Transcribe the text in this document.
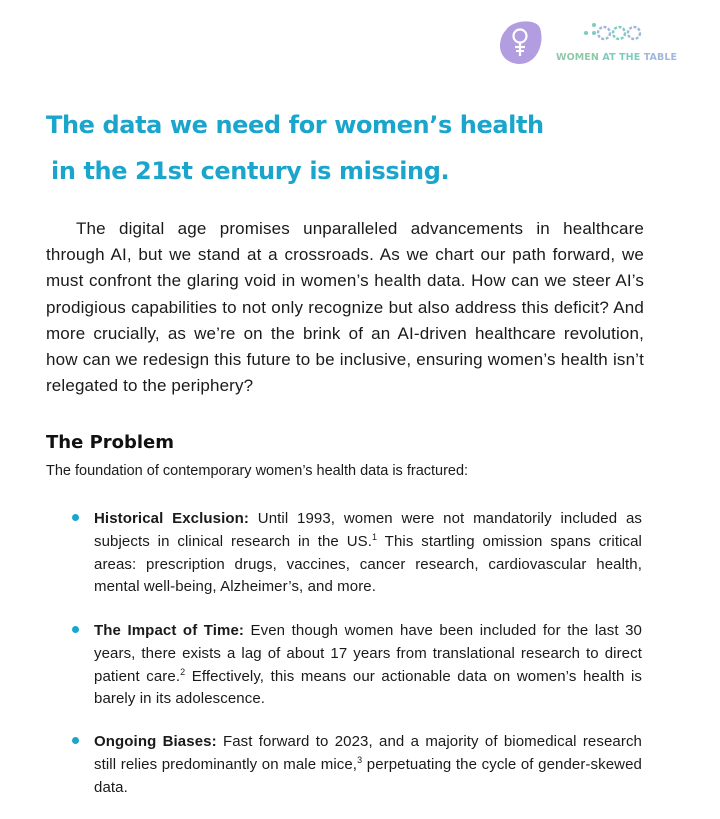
WOMEN AT THE TABLE
The data we need for women’s health
in the 21st century is missing.

The digital age promises unparalleled advancements in healthcare through AI, but we stand at a crossroads. As we chart our path forward, we must confront the glaring void in women’s health data. How can we steer AI’s prodigious capabilities to not only recognize but also address this deficit? And more crucially, as we’re on the brink of an AI-driven healthcare revolution, how can we redesign this future to be inclusive, ensuring women’s health isn’t relegated to the periphery?

The Problem

The foundation of contemporary women’s health data is fractured:

Historical Exclusion: Until 1993, women were not mandatorily included as subjects in clinical research in the US.$^1$ This startling omission spans critical areas: prescription drugs, vaccines, cancer research, cardiovascular health, mental well-being, Alzheimer’s, and more.

The Impact of Time: Even though women have been included for the last 30 years, there exists a lag of about 17 years from translational research to direct patient care.$^2$ Effectively, this means our actionable data on women’s health is barely in its adolescence.

Ongoing Biases: Fast forward to 2023, and a majority of biomedical research still relies predominantly on male mice,$^3$ perpetuating the cycle of gender-skewed data.
